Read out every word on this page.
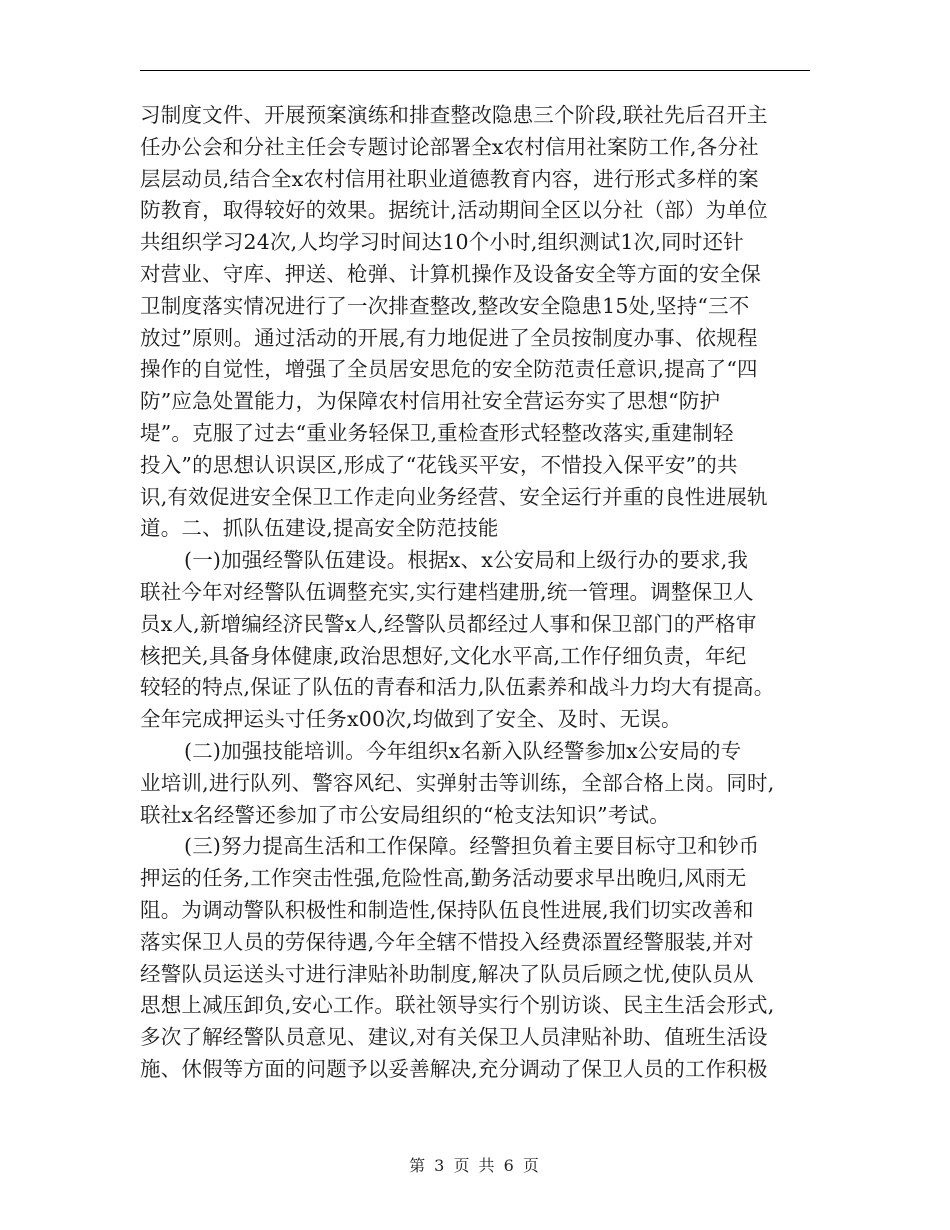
习制度文件、开展预案演练和排查整改隐患三个阶段,联社先后召开主
任办公会和分社主任会专题讨论部署全x农村信用社案防工作,各分社
层层动员,结合全x农村信用社职业道德教育内容，进行形式多样的案
防教育，取得较好的效果。据统计,活动期间全区以分社（部）为单位
共组织学习24次,人均学习时间达10个小时,组织测试1次,同时还针
对营业、守库、押送、枪弹、计算机操作及设备安全等方面的安全保
卫制度落实情况进行了一次排查整改,整改安全隐患15处,坚持“三不
放过”原则。通过活动的开展,有力地促进了全员按制度办事、依规程
操作的自觉性，增强了全员居安思危的安全防范责任意识,提高了“四
防”应急处置能力，为保障农村信用社安全营运夯实了思想“防护
堤”。克服了过去“重业务轻保卫,重检查形式轻整改落实,重建制轻
投入”的思想认识误区,形成了“花钱买平安，不惜投入保平安”的共
识,有效促进安全保卫工作走向业务经营、安全运行并重的良性进展轨
道。二、抓队伍建设,提高安全防范技能
(一)加强经警队伍建设。根据x、x公安局和上级行办的要求,我
联社今年对经警队伍调整充实,实行建档建册,统一管理。调整保卫人
员x人,新增编经济民警x人,经警队员都经过人事和保卫部门的严格审
核把关,具备身体健康,政治思想好,文化水平高,工作仔细负责，年纪
较轻的特点,保证了队伍的青春和活力,队伍素养和战斗力均大有提高。
全年完成押运头寸任务x00次,均做到了安全、及时、无误。
(二)加强技能培训。今年组织x名新入队经警参加x公安局的专
业培训,进行队列、警容风纪、实弹射击等训练，全部合格上岗。同时,
联社x名经警还参加了市公安局组织的“枪支法知识”考试。
(三)努力提高生活和工作保障。经警担负着主要目标守卫和钞币
押运的任务,工作突击性强,危险性高,勤务活动要求早出晚归,风雨无
阻。为调动警队积极性和制造性,保持队伍良性进展,我们切实改善和
落实保卫人员的劳保待遇,今年全辖不惜投入经费添置经警服装,并对
经警队员运送头寸进行津贴补助制度,解决了队员后顾之忧,使队员从
思想上减压卸负,安心工作。联社领导实行个别访谈、民主生活会形式,
多次了解经警队员意见、建议,对有关保卫人员津贴补助、值班生活设
施、休假等方面的问题予以妥善解决,充分调动了保卫人员的工作积极
第 3 页 共 6 页
